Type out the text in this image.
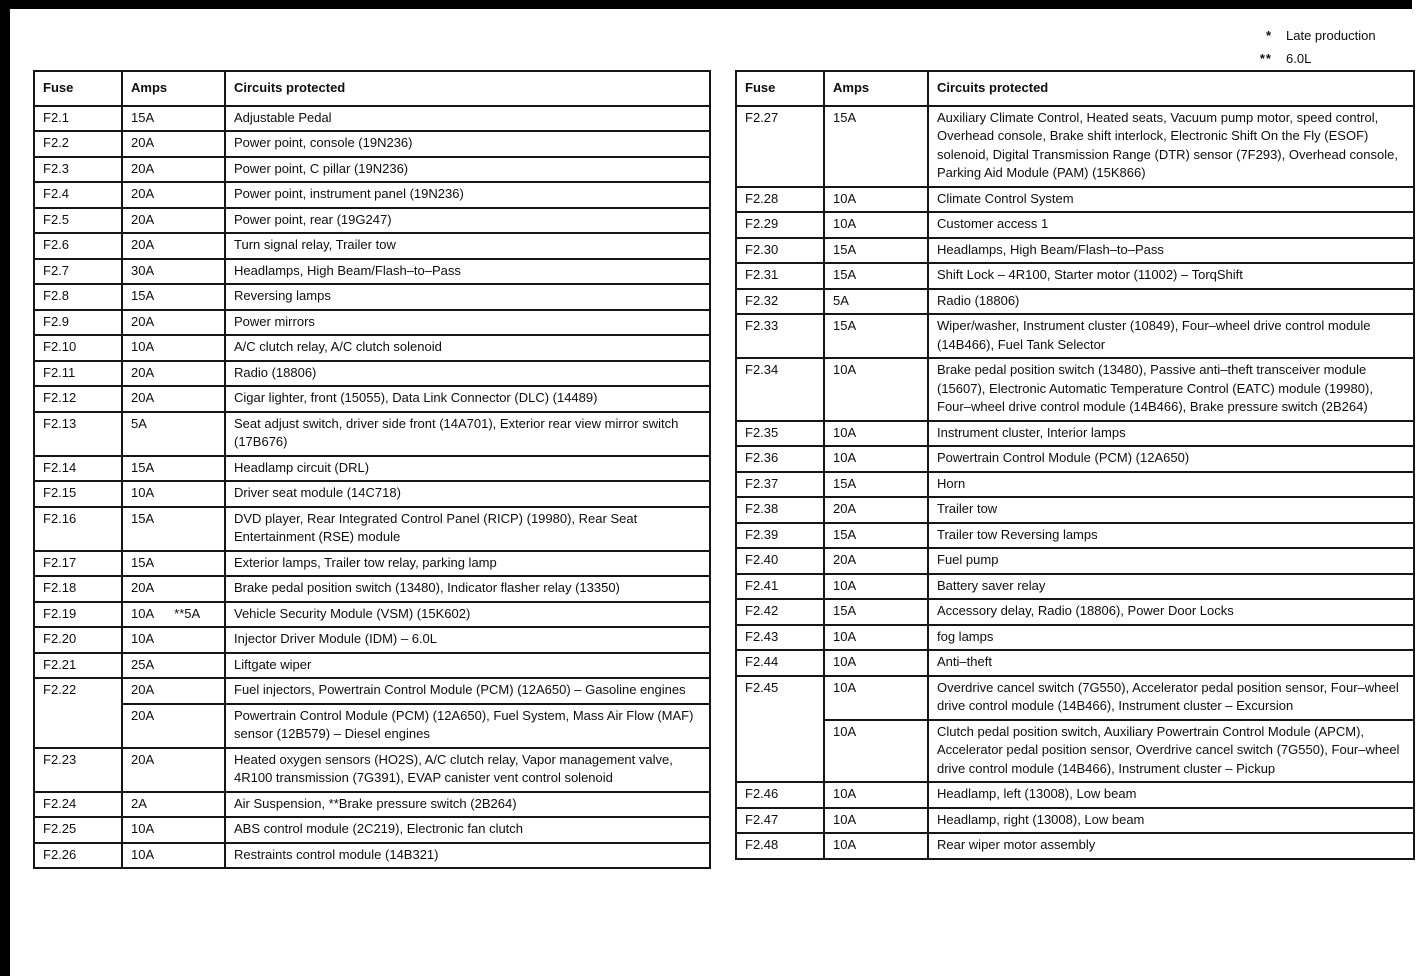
* Late production
** 6.0L
Fuse	Amps	Circuits protected
F2.1	15A	Adjustable Pedal
F2.2	20A	Power point, console (19N236)
F2.3	20A	Power point, C pillar (19N236)
F2.4	20A	Power point, instrument panel (19N236)
F2.5	20A	Power point, rear (19G247)
F2.6	20A	Turn signal relay, Trailer tow
F2.7	30A	Headlamps, High Beam/Flash–to–Pass
F2.8	15A	Reversing lamps
F2.9	20A	Power mirrors
F2.10	10A	A/C clutch relay, A/C clutch solenoid
F2.11	20A	Radio (18806)
F2.12	20A	Cigar lighter, front (15055), Data Link Connector (DLC) (14489)
F2.13	5A	Seat adjust switch, driver side front (14A701), Exterior rear view mirror switch (17B676)
F2.14	15A	Headlamp circuit (DRL)
F2.15	10A	Driver seat module (14C718)
F2.16	15A	DVD player, Rear Integrated Control Panel (RICP) (19980), Rear Seat Entertainment (RSE) module
F2.17	15A	Exterior lamps, Trailer tow relay, parking lamp
F2.18	20A	Brake pedal position switch (13480), Indicator flasher relay (13350)
F2.19	10A **5A	Vehicle Security Module (VSM) (15K602)
F2.20	10A	Injector Driver Module (IDM) – 6.0L
F2.21	25A	Liftgate wiper
F2.22	20A	Fuel injectors, Powertrain Control Module (PCM) (12A650) – Gasoline engines
	20A	Powertrain Control Module (PCM) (12A650), Fuel System, Mass Air Flow (MAF) sensor (12B579) – Diesel engines
F2.23	20A	Heated oxygen sensors (HO2S), A/C clutch relay, Vapor management valve, 4R100 transmission (7G391), EVAP canister vent control solenoid
F2.24	2A	Air Suspension, **Brake pressure switch (2B264)
F2.25	10A	ABS control module (2C219), Electronic fan clutch
F2.26	10A	Restraints control module (14B321)
Fuse	Amps	Circuits protected
F2.27	15A	Auxiliary Climate Control, Heated seats, Vacuum pump motor, speed control, Overhead console, Brake shift interlock, Electronic Shift On the Fly (ESOF) solenoid, Digital Transmission Range (DTR) sensor (7F293), Overhead console, Parking Aid Module (PAM) (15K866)
F2.28	10A	Climate Control System
F2.29	10A	Customer access 1
F2.30	15A	Headlamps, High Beam/Flash–to–Pass
F2.31	15A	Shift Lock – 4R100, Starter motor (11002) – TorqShift
F2.32	5A	Radio (18806)
F2.33	15A	Wiper/washer, Instrument cluster (10849), Four–wheel drive control module (14B466), Fuel Tank Selector
F2.34	10A	Brake pedal position switch (13480), Passive anti–theft transceiver module (15607), Electronic Automatic Temperature Control (EATC) module (19980), Four–wheel drive control module (14B466), Brake pressure switch (2B264)
F2.35	10A	Instrument cluster, Interior lamps
F2.36	10A	Powertrain Control Module (PCM) (12A650)
F2.37	15A	Horn
F2.38	20A	Trailer tow
F2.39	15A	Trailer tow Reversing lamps
F2.40	20A	Fuel pump
F2.41	10A	Battery saver relay
F2.42	15A	Accessory delay, Radio (18806), Power Door Locks
F2.43	10A	fog lamps
F2.44	10A	Anti–theft
F2.45	10A	Overdrive cancel switch (7G550), Accelerator pedal position sensor, Four–wheel drive control module (14B466), Instrument cluster – Excursion
	10A	Clutch pedal position switch, Auxiliary Powertrain Control Module (APCM), Accelerator pedal position sensor, Overdrive cancel switch (7G550), Four–wheel drive control module (14B466), Instrument cluster – Pickup
F2.46	10A	Headlamp, left (13008), Low beam
F2.47	10A	Headlamp, right (13008), Low beam
F2.48	10A	Rear wiper motor assembly
